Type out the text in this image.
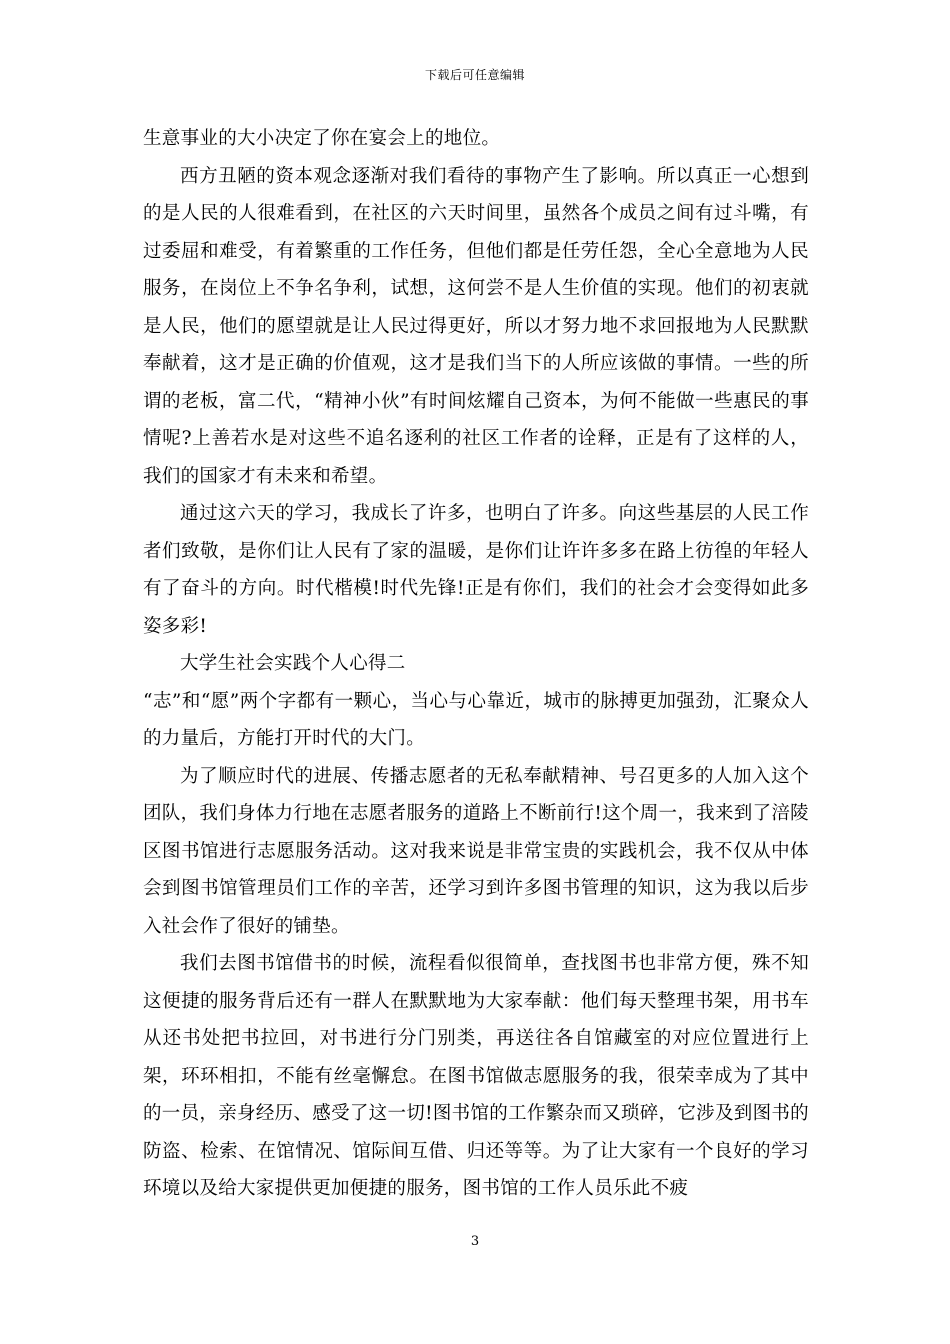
下载后可任意编辑

生意事业的大小决定了你在宴会上的地位。

西方丑陋的资本观念逐渐对我们看待的事物产生了影响。所以真正一心想到的是人民的人很难看到，在社区的六天时间里，虽然各个成员之间有过斗嘴，有过委屈和难受，有着繁重的工作任务，但他们都是任劳任怨，全心全意地为人民服务，在岗位上不争名争利，试想，这何尝不是人生价值的实现。他们的初衷就是人民，他们的愿望就是让人民过得更好，所以才努力地不求回报地为人民默默奉献着，这才是正确的价值观，这才是我们当下的人所应该做的事情。一些的所谓的老板，富二代，“精神小伙”有时间炫耀自己资本，为何不能做一些惠民的事情呢?上善若水是对这些不追名逐利的社区工作者的诠释，正是有了这样的人，我们的国家才有未来和希望。

通过这六天的学习，我成长了许多，也明白了许多。向这些基层的人民工作者们致敬，是你们让人民有了家的温暖，是你们让许许多多在路上彷徨的年轻人有了奋斗的方向。时代楷模!时代先锋!正是有你们，我们的社会才会变得如此多姿多彩!

大学生社会实践个人心得二

“志”和“愿”两个字都有一颗心，当心与心靠近，城市的脉搏更加强劲，汇聚众人的力量后，方能打开时代的大门。

为了顺应时代的进展、传播志愿者的无私奉献精神、号召更多的人加入这个团队，我们身体力行地在志愿者服务的道路上不断前行!这个周一，我来到了涪陵区图书馆进行志愿服务活动。这对我来说是非常宝贵的实践机会，我不仅从中体会到图书馆管理员们工作的辛苦，还学习到许多图书管理的知识，这为我以后步入社会作了很好的铺垫。

我们去图书馆借书的时候，流程看似很简单，查找图书也非常方便，殊不知这便捷的服务背后还有一群人在默默地为大家奉献：他们每天整理书架，用书车从还书处把书拉回，对书进行分门别类，再送往各自馆藏室的对应位置进行上架，环环相扣，不能有丝毫懈怠。在图书馆做志愿服务的我，很荣幸成为了其中的一员，亲身经历、感受了这一切!图书馆的工作繁杂而又琐碎，它涉及到图书的防盗、检索、在馆情况、馆际间互借、归还等等。为了让大家有一个良好的学习环境以及给大家提供更加便捷的服务，图书馆的工作人员乐此不疲

3
